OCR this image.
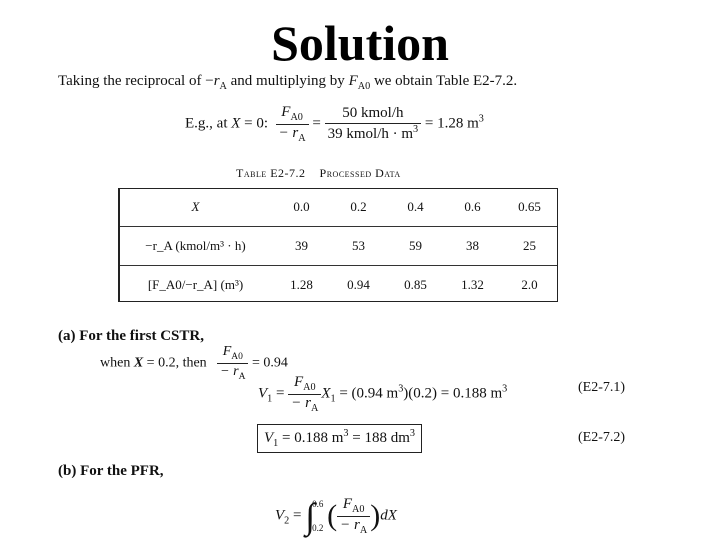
Solution
Taking the reciprocal of $-r_A$ and multiplying by $F_{A0}$ we obtain Table E2-7.2.
E.g., at X = 0: $\frac{F_{A0}}{- r_A} = \frac{\text{50 kmol/h}}{39 kmol/h \cdot m^3} = 1.28$ $m^3$
Table E2-7.2 Processed Data
X	0.0	0.2	0.4	0.6	0.65
−r_A (kmol/m³ · h)	39	53	59	38	25
[F_A0/−r_A] (m³)	1.28	0.94	0.85	1.32	2.0
(a) For the first CSTR,
when X = 0.2, then $\frac{F_{A0}}{- r_A} = 0.94$
$V_1 = \frac{F_{A0}}{- r_A} X_1 = (0.94$ $m^3)(0.2) = 0.188$ $m^3$	(E2-7.1)
$V_1 = 0.188$ $m^3 = 188$ $dm^3$	(E2-7.2)
(b) For the PFR,
$V_2$ = ∫
0.6
0.2 ( $\frac{F_{A0}}{- r_A} )dX$
